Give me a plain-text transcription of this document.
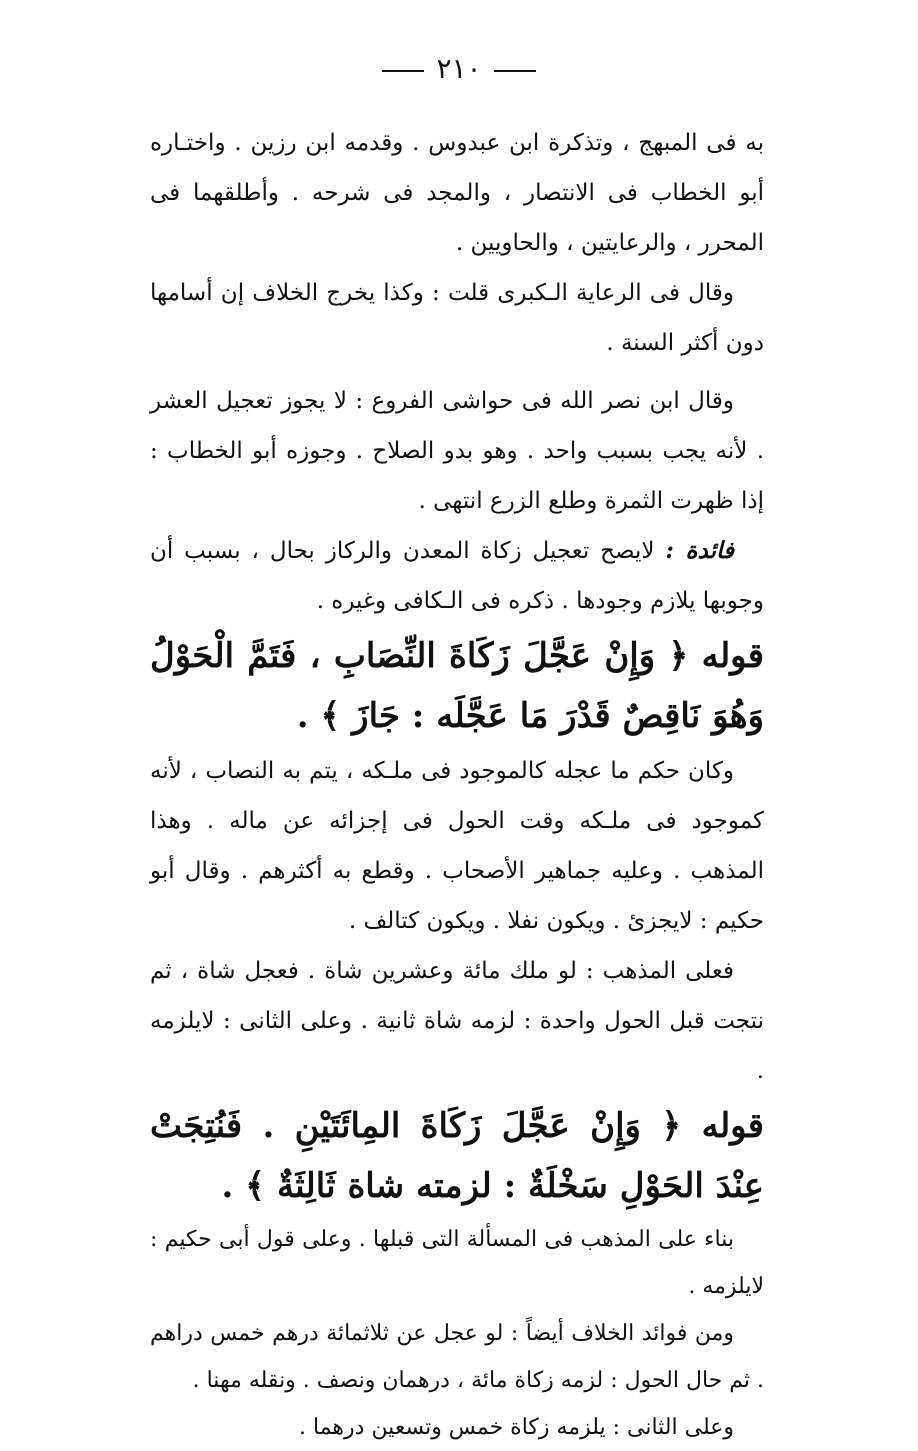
٢١٠

به فى المبهج ، وتذكرة ابن عبدوس . وقدمه ابن رزين . واختـاره أبو الخطاب فى الانتصار ، والمجد فى شرحه . وأطلقهما فى المحرر ، والرعايتين ، والحاويين .

وقال فى الرعاية الـكبرى قلت : وكذا يخرج الخلاف إن أسامها دون أكثر السنة .

وقال ابن نصر الله فى حواشى الفروع : لا يجوز تعجيل العشر . لأنه يجب بسبب واحد . وهو بدو الصلاح . وجوزه أبو الخطاب : إذا ظهرت الثمرة وطلع الزرع انتهى .

فائدة : لايصح تعجيل زكاة المعدن والركاز بحال ، بسبب أن وجوبها يلازم وجودها . ذكره فى الـكافى وغيره .

قوله ﴿ وَإِنْ عَجَّلَ زَكَاةَ النِّصَابِ ، فَتَمَّ الْحَوْلُ وَهُوَ نَاقِصٌ قَدْرَ مَا عَجَّلَه : جَازَ ﴾ .

وكان حكم ما عجله كالموجود فى ملـكه ، يتم به النصاب ، لأنه كموجود فى ملـكه وقت الحول فى إجزائه عن ماله . وهذا المذهب . وعليه جماهير الأصحاب . وقطع به أكثرهم . وقال أبو حكيم : لايجزئ . ويكون نفلا . ويكون كتالف .

فعلى المذهب : لو ملك مائة وعشرين شاة . فعجل شاة ، ثم نتجت قبل الحول واحدة : لزمه شاة ثانية . وعلى الثانى : لايلزمه .

قوله ﴿ وَإِنْ عَجَّلَ زَكَاةَ المِائَتَيْنِ . فَنُتِجَتْ عِنْدَ الحَوْلِ سَخْلَةٌ : لزمته شاة ثَالِثَةٌ ﴾ .

بناء على المذهب فى المسألة التى قبلها . وعلى قول أبى حكيم : لايلزمه .

ومن فوائد الخلاف أيضاً : لو عجل عن ثلاثمائة درهم خمس دراهم . ثم حال الحول : لزمه زكاة مائة ، درهمان ونصف . ونقله مهنا .

وعلى الثانى : يلزمه زكاة خمس وتسعين درهما .
